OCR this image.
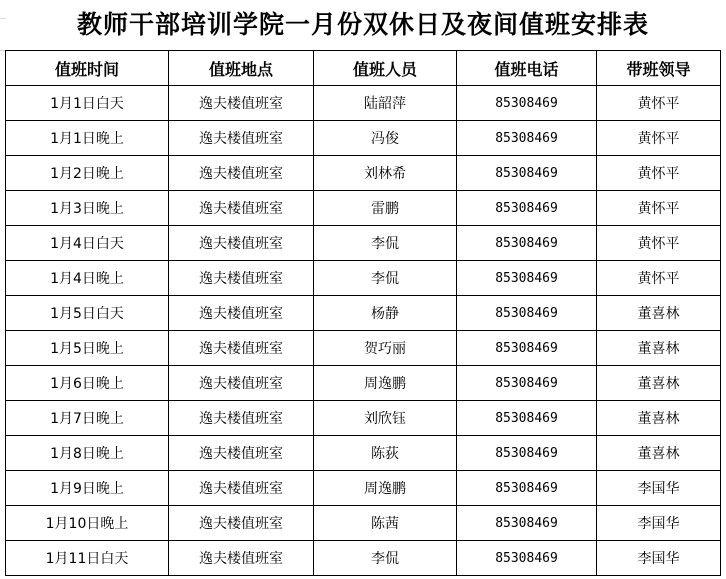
教师干部培训学院一月份双休日及夜间值班安排表
值班时间	值班地点	值班人员	值班电话	带班领导
1月1日白天	逸夫楼值班室	陆韶萍	85308469	黄怀平
1月1日晚上	逸夫楼值班室	冯俊	85308469	黄怀平
1月2日晚上	逸夫楼值班室	刘林希	85308469	黄怀平
1月3日晚上	逸夫楼值班室	雷鹏	85308469	黄怀平
1月4日白天	逸夫楼值班室	李侃	85308469	黄怀平
1月4日晚上	逸夫楼值班室	李侃	85308469	黄怀平
1月5日白天	逸夫楼值班室	杨静	85308469	董喜林
1月5日晚上	逸夫楼值班室	贺巧丽	85308469	董喜林
1月6日晚上	逸夫楼值班室	周逸鹏	85308469	董喜林
1月7日晚上	逸夫楼值班室	刘欣钰	85308469	董喜林
1月8日晚上	逸夫楼值班室	陈荻	85308469	董喜林
1月9日晚上	逸夫楼值班室	周逸鹏	85308469	李国华
1月10日晚上	逸夫楼值班室	陈茜	85308469	李国华
1月11日白天	逸夫楼值班室	李侃	85308469	李国华
